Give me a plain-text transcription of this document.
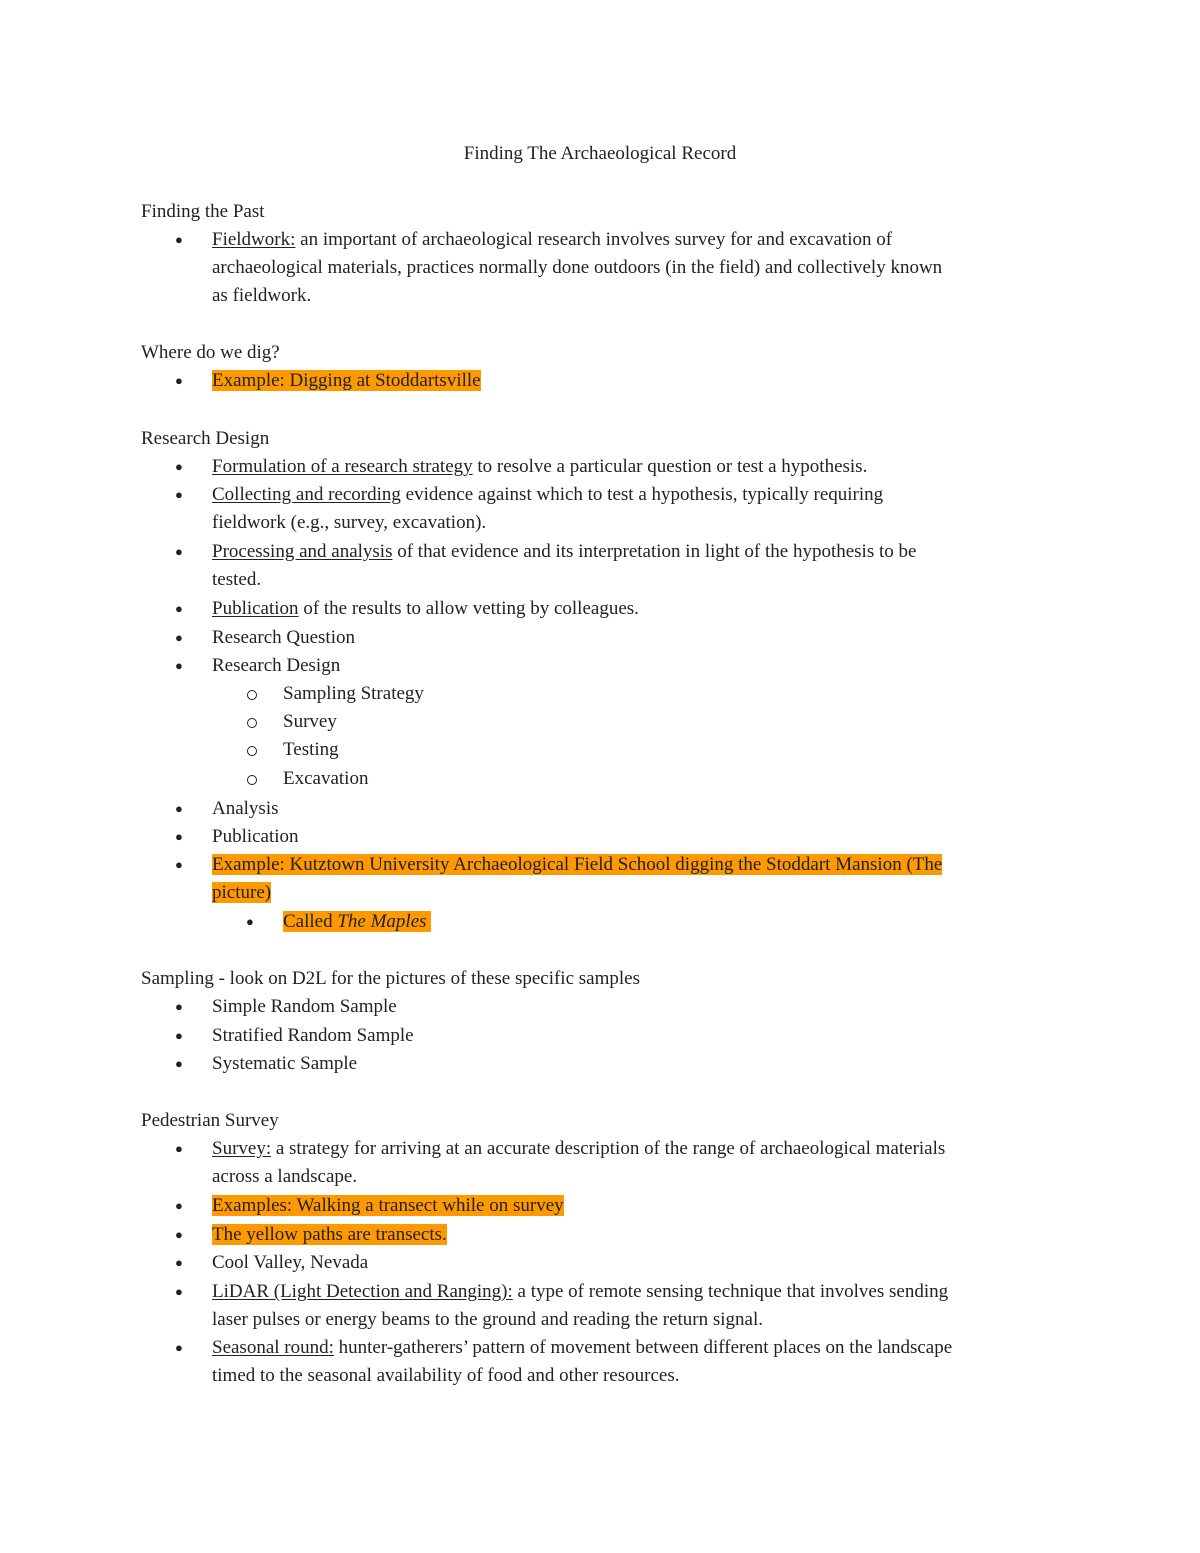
Finding The Archaeological Record
Finding the Past
● Fieldwork: an important of archaeological research involves survey for and excavation of
archaeological materials, practices normally done outdoors (in the field) and collectively known
as fieldwork.
Where do we dig?
● Example: Digging at Stoddartsville
Research Design
● Formulation of a research strategy to resolve a particular question or test a hypothesis.
● Collecting and recording evidence against which to test a hypothesis, typically requiring
fieldwork (e.g., survey, excavation).
● Processing and analysis of that evidence and its interpretation in light of the hypothesis to be
tested.
● Publication of the results to allow vetting by colleagues.
● Research Question
● Research Design
Sampling Strategy
Survey
Testing
Excavation
● Analysis
● Publication
● Example: Kutztown University Archaeological Field School digging the Stoddart Mansion (The
picture)
● Called The Maples
Sampling - look on D2L for the pictures of these specific samples
● Simple Random Sample
● Stratified Random Sample
● Systematic Sample
Pedestrian Survey
● Survey: a strategy for arriving at an accurate description of the range of archaeological materials
across a landscape.
● Examples: Walking a transect while on survey
● The yellow paths are transects.
● Cool Valley, Nevada
● LiDAR (Light Detection and Ranging): a type of remote sensing technique that involves sending
laser pulses or energy beams to the ground and reading the return signal.
● Seasonal round: hunter-gatherers’ pattern of movement between different places on the landscape
timed to the seasonal availability of food and other resources.
